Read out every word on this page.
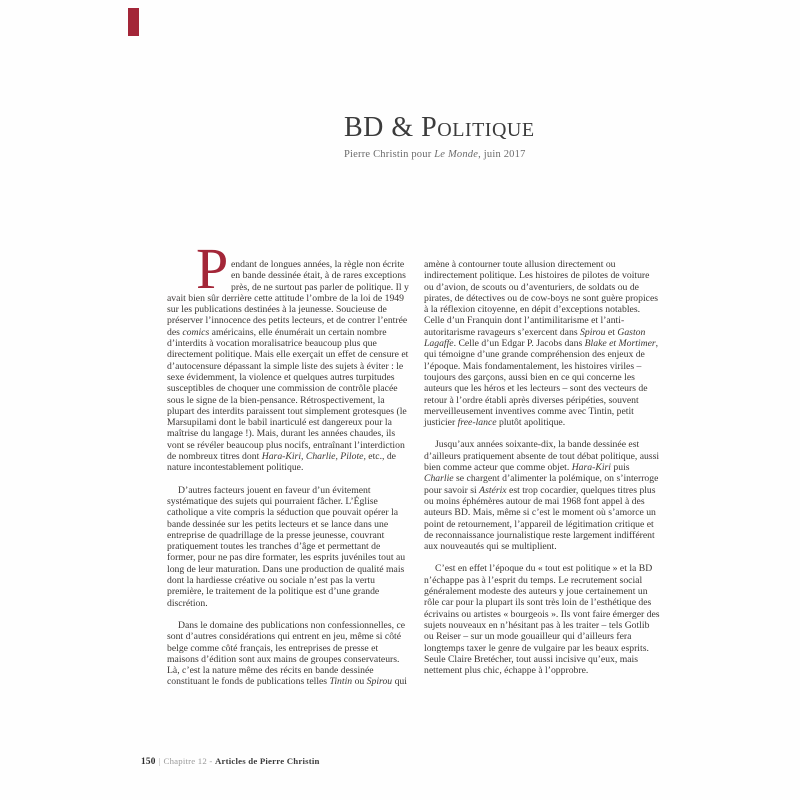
BD & Politique
Pierre Christin pour Le Monde, juin 2017
P endant de longues années, la règle non écrite en bande dessinée était, à de rares exceptions près, de ne surtout pas parler de politique. Il y avait bien sûr derrière cette attitude l’ombre de la loi de 1949 sur les publications destinées à la jeunesse. Soucieuse de préserver l’innocence des petits lecteurs, et de contrer l’entrée des comics américains, elle énumérait un certain nombre d’interdits à vocation moralisatrice beaucoup plus que directement politique. Mais elle exerçait un effet de censure et d’autocensure dépassant la simple liste des sujets à éviter : le sexe évidemment, la violence et quelques autres turpitudes susceptibles de choquer une commission de contrôle placée sous le signe de la bien-pensance. Rétrospectivement, la plupart des interdits paraissent tout simplement grotesques (le Marsupilami dont le babil inarticulé est dangereux pour la maîtrise du langage !). Mais, durant les années chaudes, ils vont se révéler beaucoup plus nocifs, entraînant l’interdiction de nombreux titres dont Hara-Kiri, Charlie, Pilote, etc., de nature incontestablement politique.

D’autres facteurs jouent en faveur d’un évitement systématique des sujets qui pourraient fâcher. L’Église catholique a vite compris la séduction que pouvait opérer la bande dessinée sur les petits lecteurs et se lance dans une entreprise de quadrillage de la presse jeunesse, couvrant pratiquement toutes les tranches d’âge et permettant de former, pour ne pas dire formater, les esprits juvéniles tout au long de leur maturation. Dans une production de qualité mais dont la hardiesse créative ou sociale n’est pas la vertu première, le traitement de la politique est d’une grande discrétion.

Dans le domaine des publications non confessionnelles, ce sont d’autres considérations qui entrent en jeu, même si côté belge comme côté français, les entreprises de presse et maisons d’édition sont aux mains de groupes conservateurs. Là, c’est la nature même des récits en bande dessinée constituant le fonds de publications telles Tintin ou Spirou qui

amène à contourner toute allusion directement ou indirectement politique. Les histoires de pilotes de voiture ou d’avion, de scouts ou d’aventuriers, de soldats ou de pirates, de détectives ou de cow-boys ne sont guère propices à la réflexion citoyenne, en dépit d’exceptions notables. Celle d’un Franquin dont l’antimilitarisme et l’anti-autoritarisme ravageurs s’exercent dans Spirou et Gaston Lagaffe. Celle d’un Edgar P. Jacobs dans Blake et Mortimer, qui témoigne d’une grande compréhension des enjeux de l’époque. Mais fondamentalement, les histoires viriles – toujours des garçons, aussi bien en ce qui concerne les auteurs que les héros et les lecteurs – sont des vecteurs de retour à l’ordre établi après diverses péripéties, souvent merveilleusement inventives comme avec Tintin, petit justicier free-lance plutôt apolitique.

Jusqu’aux années soixante-dix, la bande dessinée est d’ailleurs pratiquement absente de tout débat politique, aussi bien comme acteur que comme objet. Hara-Kiri puis Charlie se chargent d’alimenter la polémique, on s’interroge pour savoir si Astérix est trop cocardier, quelques titres plus ou moins éphémères autour de mai 1968 font appel à des auteurs BD. Mais, même si c’est le moment où s’amorce un point de retournement, l’appareil de légitimation critique et de reconnaissance journalistique reste largement indifférent aux nouveautés qui se multiplient.

C’est en effet l’époque du « tout est politique » et la BD n’échappe pas à l’esprit du temps. Le recrutement social généralement modeste des auteurs y joue certainement un rôle car pour la plupart ils sont très loin de l’esthétique des écrivains ou artistes « bourgeois ». Ils vont faire émerger des sujets nouveaux en n’hésitant pas à les traiter – tels Gotlib ou Reiser – sur un mode gouailleur qui d’ailleurs fera longtemps taxer le genre de vulgaire par les beaux esprits. Seule Claire Bretécher, tout aussi incisive qu’eux, mais nettement plus chic, échappe à l’opprobre.

150 | Chapitre 12 - Articles de Pierre Christin
